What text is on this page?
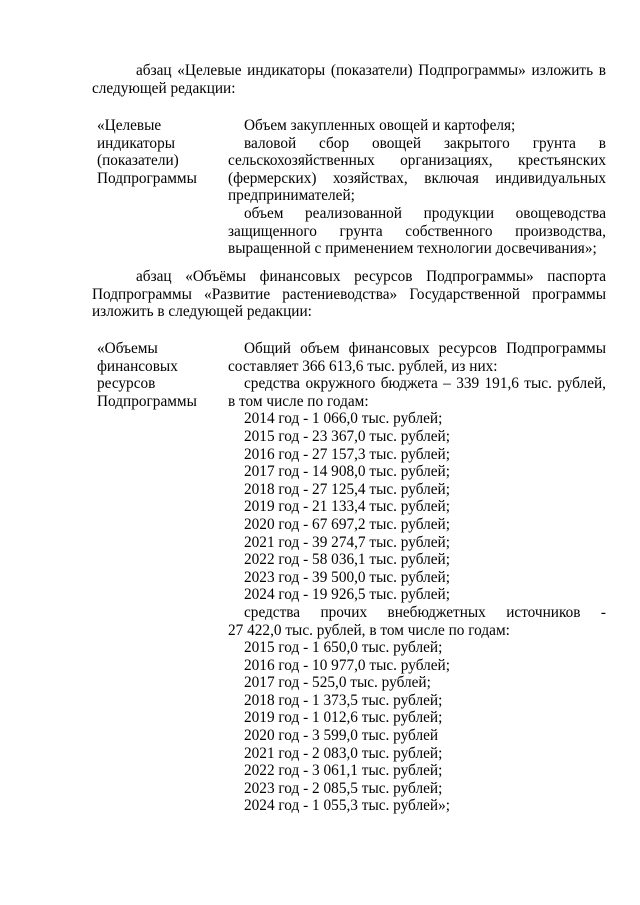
абзац «Целевые индикаторы (показатели) Подпрограммы» изложить в следующей редакции:
«Целевые
индикаторы
(показатели)
Подпрограммы

Объем закупленных овощей и картофеля;

валовой сбор овощей закрытого грунта в сельскохозяйственных организациях, крестьянских (фермерских) хозяйствах, включая индивидуальных предпринимателей;

объем реализованной продукции овощеводства защищенного грунта собственного производства, выращенной с применением технологии досвечивания»;

абзац «Объёмы финансовых ресурсов Подпрограммы» паспорта Подпрограммы «Развитие растениеводства» Государственной программы изложить в следующей редакции:
«Объемы
финансовых
ресурсов
Подпрограммы

Общий объем финансовых ресурсов Подпрограммы составляет 366 613,6 тыс. рублей, из них:

средства окружного бюджета – 339 191,6 тыс. рублей, в том числе по годам:

2014 год - 1 066,0 тыс. рублей;
2015 год - 23 367,0 тыс. рублей;
2016 год - 27 157,3 тыс. рублей;
2017 год - 14 908,0 тыс. рублей;
2018 год - 27 125,4 тыс. рублей;
2019 год - 21 133,4 тыс. рублей;
2020 год - 67 697,2 тыс. рублей;
2021 год - 39 274,7 тыс. рублей;
2022 год - 58 036,1 тыс. рублей;
2023 год - 39 500,0 тыс. рублей;
2024 год - 19 926,5 тыс. рублей;

средства прочих внебюджетных источников -

27 422,0 тыс. рублей, в том числе по годам:
2015 год - 1 650,0 тыс. рублей;
2016 год - 10 977,0 тыс. рублей;
2017 год - 525,0 тыс. рублей;
2018 год - 1 373,5 тыс. рублей;
2019 год - 1 012,6 тыс. рублей;
2020 год - 3 599,0 тыс. рублей
2021 год - 2 083,0 тыс. рублей;
2022 год - 3 061,1 тыс. рублей;
2023 год - 2 085,5 тыс. рублей;
2024 год - 1 055,3 тыс. рублей»;
